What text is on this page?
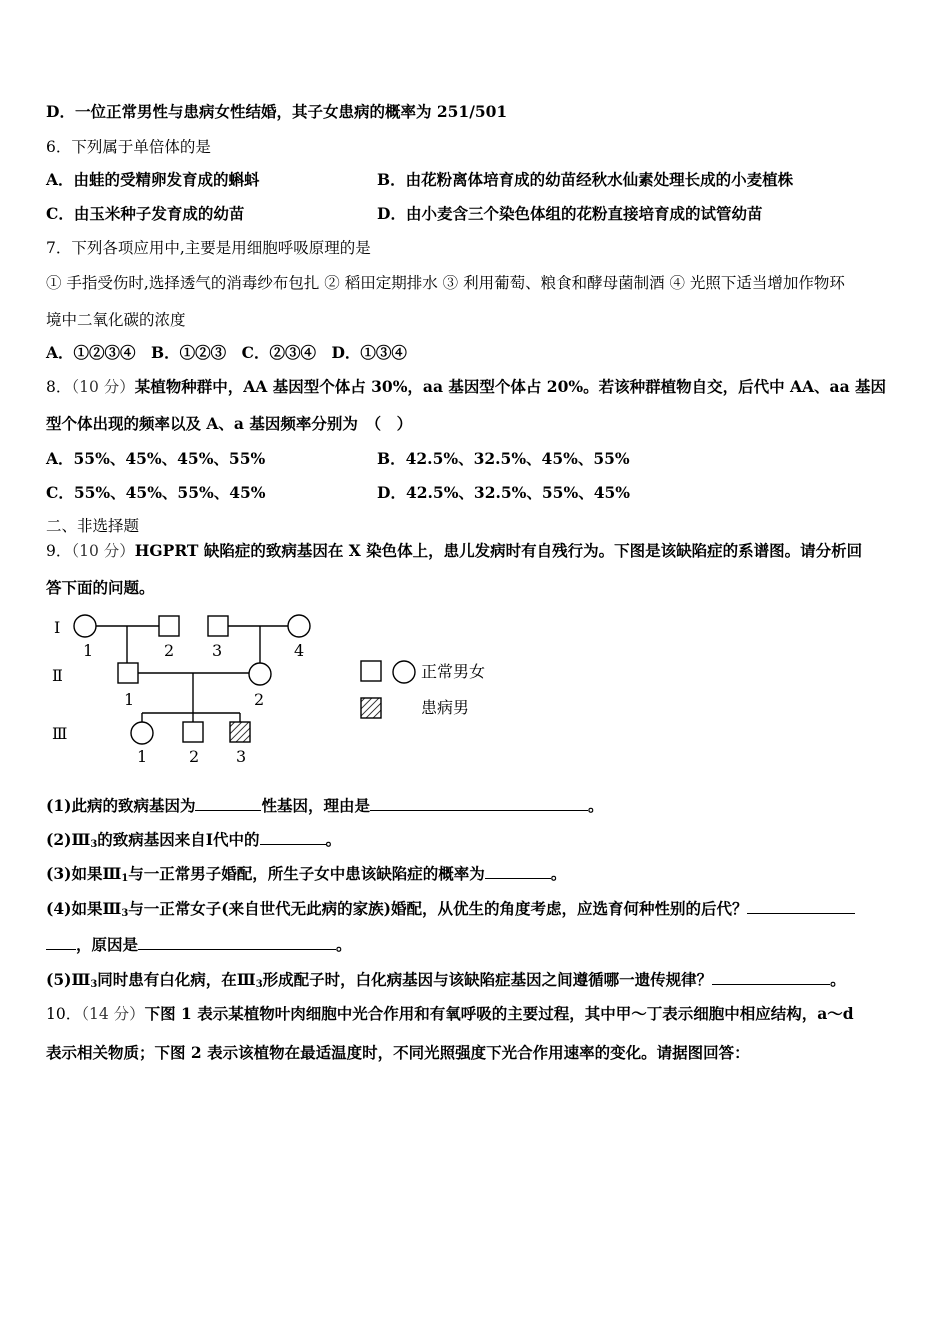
D．一位正常男性与患病女性结婚，其子女患病的概率为 251/501
6．下列属于单倍体的是
A．由蛙的受精卵发育成的蝌蚪	B．由花粉离体培育成的幼苗经秋水仙素处理长成的小麦植株
C．由玉米种子发育成的幼苗	D．由小麦含三个染色体组的花粉直接培育成的试管幼苗
7．下列各项应用中,主要是用细胞呼吸原理的是
① 手指受伤时,选择透气的消毒纱布包扎 ② 稻田定期排水 ③ 利用葡萄、粮食和酵母菌制酒 ④ 光照下适当增加作物环
境中二氧化碳的浓度
A．①②③④　B．①②③　C．②③④　D．①③④
8．（10 分）某植物种群中，AA 基因型个体占 30%，aa 基因型个体占 20%。若该种群植物自交，后代中 AA、aa 基因
型个体出现的频率以及 A、a 基因频率分别为　（　）
A．55%、45%、45%、55%	B．42.5%、32.5%、45%、55%
C．55%、45%、55%、45%	D．42.5%、32.5%、55%、45%
二、非选择题
9．（10 分）HGPRT 缺陷症的致病基因在 X 染色体上，患儿发病时有自残行为。下图是该缺陷症的系谱图。请分析回
答下面的问题。
Ⅰ
Ⅱ
Ⅲ
1	2 3	4
1	2
1	2 3
正常男女
患病男
(1)此病的致病基因为	性基因，理由是	。
$(2)Ⅲ_3$的致病基因来自Ⅰ代中的	。
(3)如果$Ⅲ_1$与一正常男子婚配，所生子女中患该缺陷症的概率为	。
(4)如果$Ⅲ_3$与一正常女子(来自世代无此病的家族)婚配，从优生的角度考虑，应选育何种性别的后代？
，原因是	。
$(5)Ⅲ_3$同时患有白化病，在$Ⅲ_3$形成配子时，白化病基因与该缺陷症基因之间遵循哪一遗传规律？	。
10．（14 分）下图 1 表示某植物叶肉细胞中光合作用和有氧呼吸的主要过程，其中甲～丁表示细胞中相应结构，a～d
表示相关物质；下图 2 表示该植物在最适温度时，不同光照强度下光合作用速率的变化。请据图回答：
